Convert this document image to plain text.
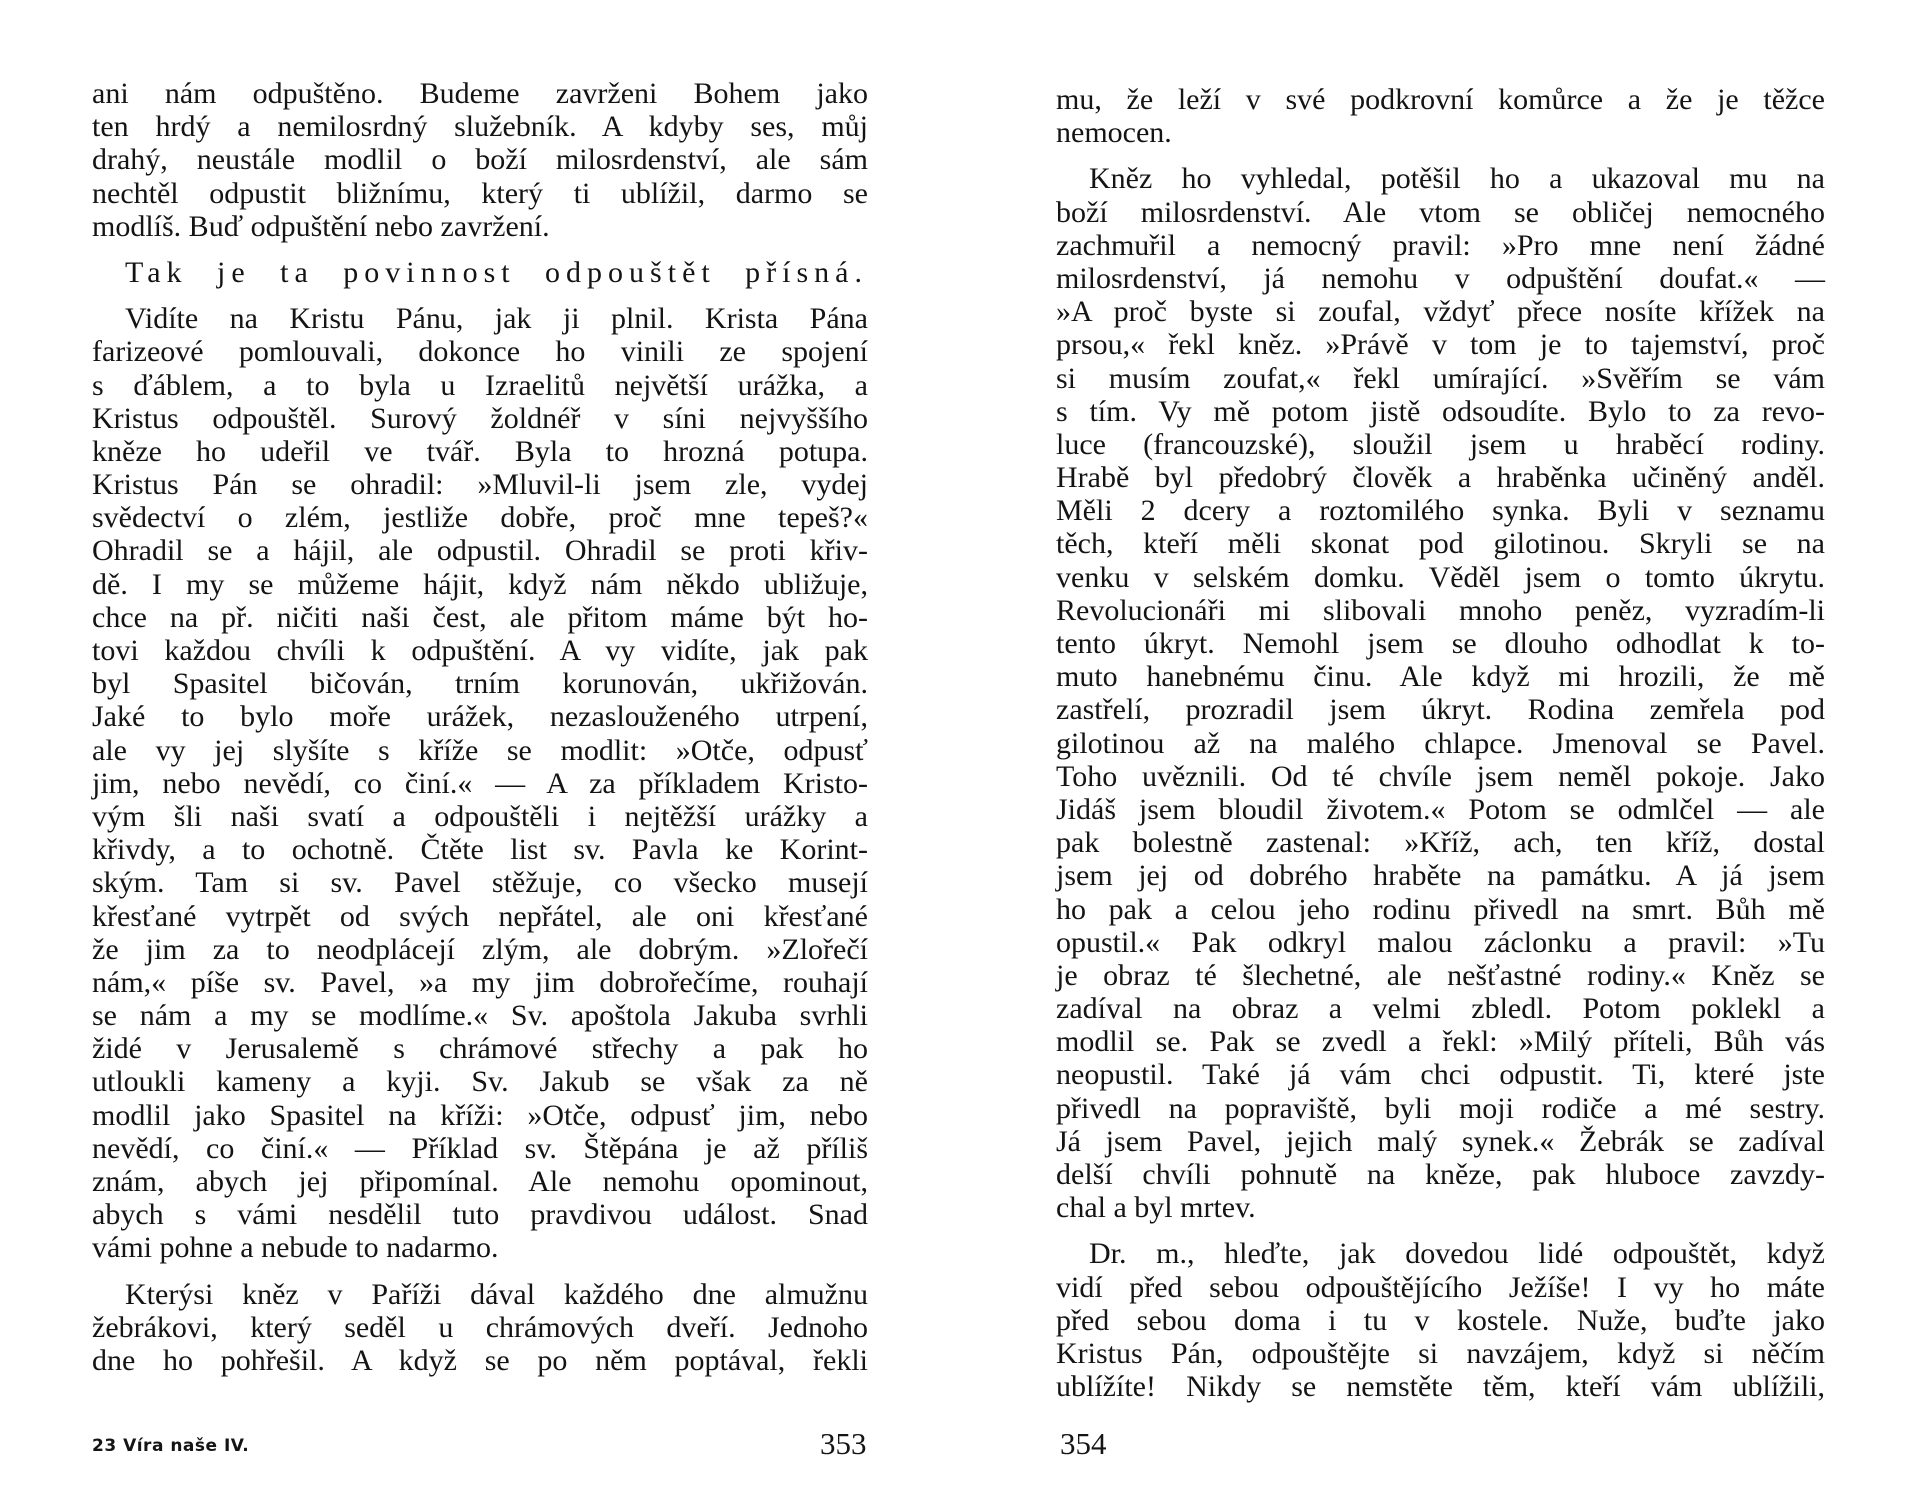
ani nám odpuštěno. Budeme zavrženi Bohem jako
ten hrdý a nemilosrdný služebník. A kdyby ses, můj
drahý, neustále modlil o boží milosrdenství, ale sám
nechtěl odpustit bližnímu, který ti ublížil, darmo se
modlíš. Buď odpuštění nebo zavržení.
Tak je ta povinnost odpouštět přísná.
Vidíte na Kristu Pánu, jak ji plnil. Krista Pána
farizeové pomlouvali, dokonce ho vinili ze spojení
s ďáblem, a to byla u Izraelitů největší urážka, a
Kristus odpouštěl. Surový žoldnéř v síni nejvyššího
kněze ho udeřil ve tvář. Byla to hrozná potupa.
Kristus Pán se ohradil: »Mluvil-li jsem zle, vydej
svědectví o zlém, jestliže dobře, proč mne tepeš?«
Ohradil se a hájil, ale odpustil. Ohradil se proti křiv-
dě. I my se můžeme hájit, když nám někdo ubližuje,
chce na př. ničiti naši čest, ale přitom máme být ho-
tovi každou chvíli k odpuštění. A vy vidíte, jak pak
byl Spasitel bičován, trním korunován, ukřižován.
Jaké to bylo moře urážek, nezaslouženého utrpení,
ale vy jej slyšíte s kříže se modlit: »Otče, odpusť
jim, nebo nevědí, co činí.« — A za příkladem Kristo-
vým šli naši svatí a odpouštěli i nejtěžší urážky a
křivdy, a to ochotně. Čtěte list sv. Pavla ke Korint-
ským. Tam si sv. Pavel stěžuje, co všecko musejí
křesťané vytrpět od svých nepřátel, ale oni křesťané
že jim za to neodplácejí zlým, ale dobrým. »Zlořečí
nám,« píše sv. Pavel, »a my jim dobrořečíme, rouhají
se nám a my se modlíme.« Sv. apoštola Jakuba svrhli
židé v Jerusalemě s chrámové střechy a pak ho
utloukli kameny a kyji. Sv. Jakub se však za ně
modlil jako Spasitel na kříži: »Otče, odpusť jim, nebo
nevědí, co činí.« — Příklad sv. Štěpána je až příliš
znám, abych jej připomínal. Ale nemohu opominout,
abych s vámi nesdělil tuto pravdivou událost. Snad
vámi pohne a nebude to nadarmo.
Kterýsi kněz v Paříži dával každého dne almužnu
žebrákovi, který seděl u chrámových dveří. Jednoho
dne ho pohřešil. A když se po něm poptával, řekli
23 Víra naše IV.	353
mu, že leží v své podkrovní komůrce a že je těžce
nemocen.
Kněz ho vyhledal, potěšil ho a ukazoval mu na
boží milosrdenství. Ale vtom se obličej nemocného
zachmuřil a nemocný pravil: »Pro mne není žádné
milosrdenství, já nemohu v odpuštění doufat.« —
»A proč byste si zoufal, vždyť přece nosíte křížek na
prsou,« řekl kněz. »Právě v tom je to tajemství, proč
si musím zoufat,« řekl umírající. »Svěřím se vám
s tím. Vy mě potom jistě odsoudíte. Bylo to za revo-
luce (francouzské), sloužil jsem u hraběcí rodiny.
Hrabě byl předobrý člověk a hraběnka učiněný anděl.
Měli 2 dcery a roztomilého synka. Byli v seznamu
těch, kteří měli skonat pod gilotinou. Skryli se na
venku v selském domku. Věděl jsem o tomto úkrytu.
Revolucionáři mi slibovali mnoho peněz, vyzradím-li
tento úkryt. Nemohl jsem se dlouho odhodlat k to-
muto hanebnému činu. Ale když mi hrozili, že mě
zastřelí, prozradil jsem úkryt. Rodina zemřela pod
gilotinou až na malého chlapce. Jmenoval se Pavel.
Toho uvěznili. Od té chvíle jsem neměl pokoje. Jako
Jidáš jsem bloudil životem.« Potom se odmlčel — ale
pak bolestně zastenal: »Kříž, ach, ten kříž, dostal
jsem jej od dobrého hraběte na památku. A já jsem
ho pak a celou jeho rodinu přivedl na smrt. Bůh mě
opustil.« Pak odkryl malou záclonku a pravil: »Tu
je obraz té šlechetné, ale nešťastné rodiny.« Kněz se
zadíval na obraz a velmi zbledl. Potom poklekl a
modlil se. Pak se zvedl a řekl: »Milý příteli, Bůh vás
neopustil. Také já vám chci odpustit. Ti, které jste
přivedl na popraviště, byli moji rodiče a mé sestry.
Já jsem Pavel, jejich malý synek.« Žebrák se zadíval
delší chvíli pohnutě na kněze, pak hluboce zavzdy-
chal a byl mrtev.
Dr. m., hleďte, jak dovedou lidé odpouštět, když
vidí před sebou odpouštějícího Ježíše! I vy ho máte
před sebou doma i tu v kostele. Nuže, buďte jako
Kristus Pán, odpouštějte si navzájem, když si něčím
ublížíte! Nikdy se nemstěte těm, kteří vám ublížili,
354
